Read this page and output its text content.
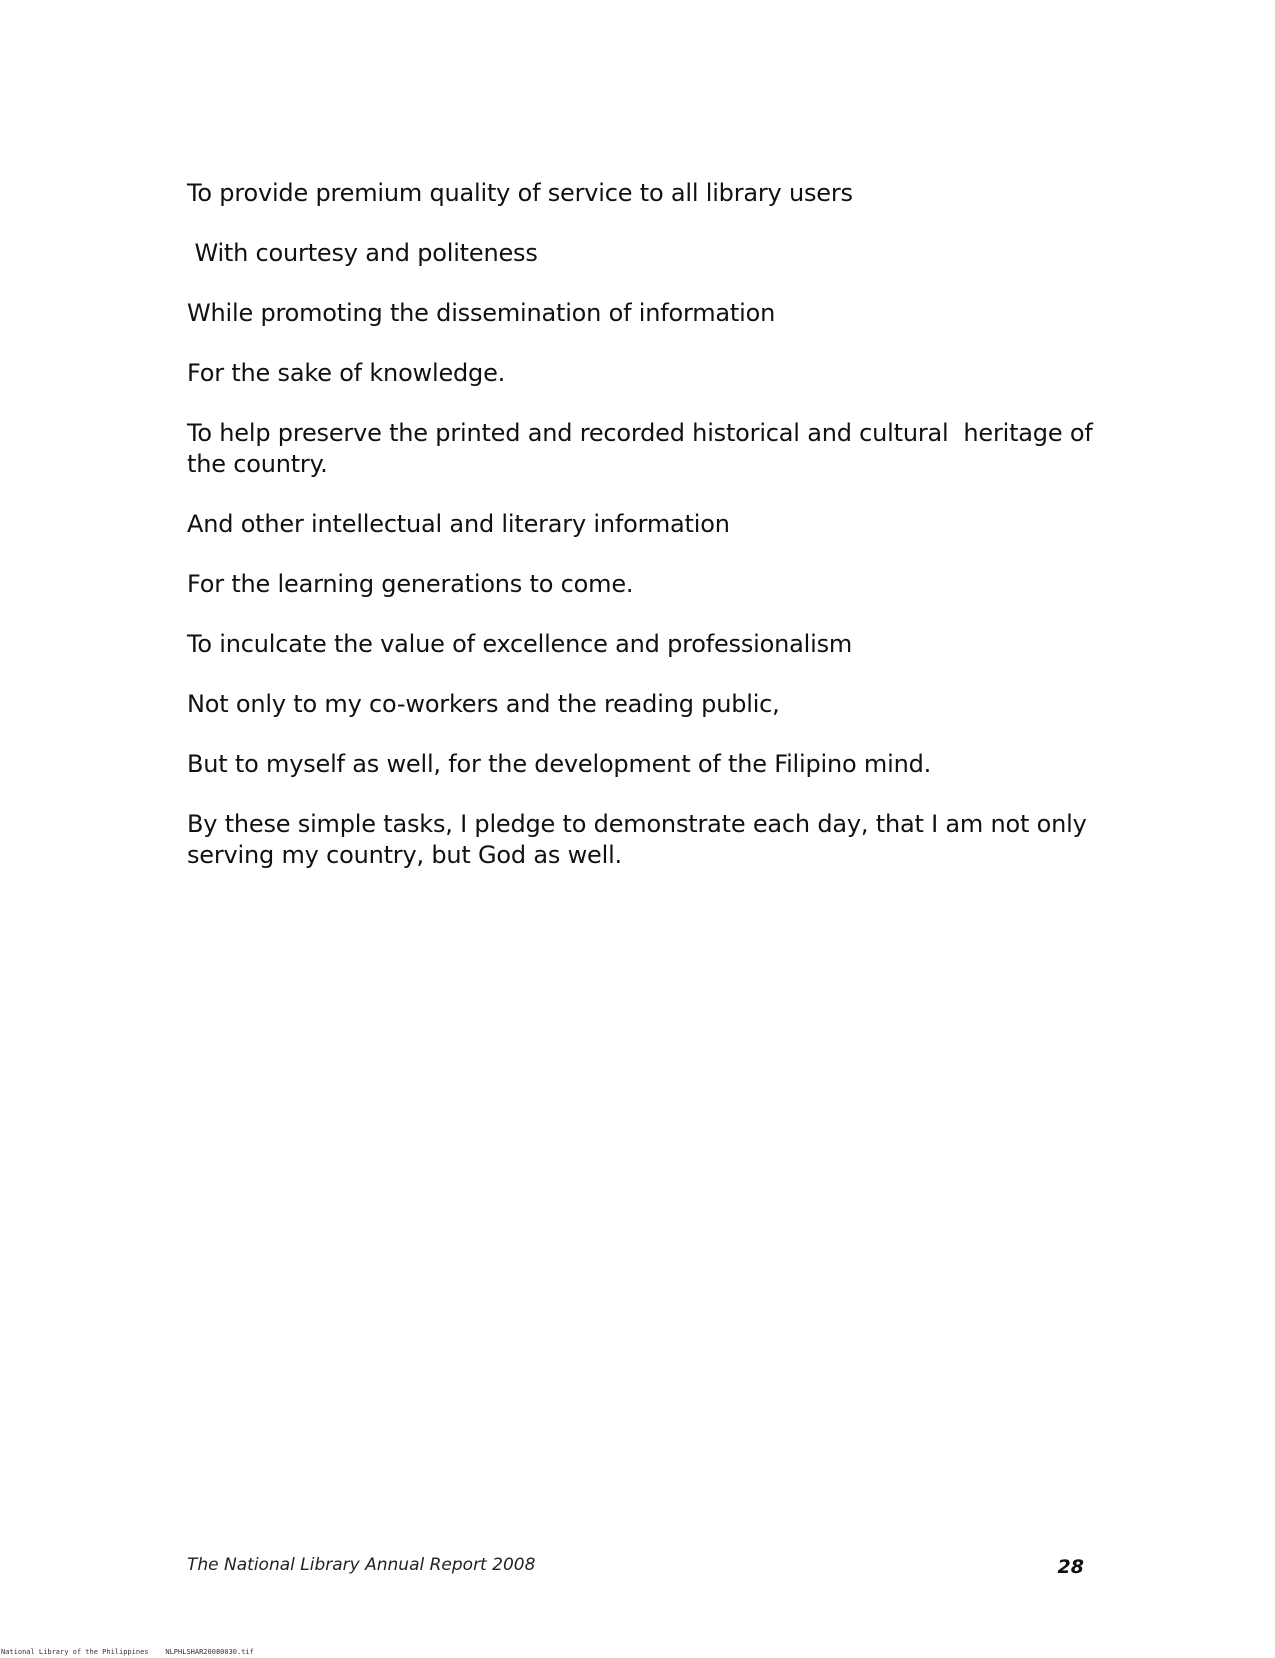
To provide premium quality of service to all library users

With courtesy and politeness

While promoting the dissemination of information

For the sake of knowledge.

To help preserve the printed and recorded historical and cultural  heritage of the country.

And other intellectual and literary information

For the learning generations to come.

To inculcate the value of excellence and professionalism

Not only to my co-workers and the reading public,

But to myself as well, for the development of the Filipino mind.

By these simple tasks, I pledge to demonstrate each day, that I am not only serving my country, but God as well.

The National Library Annual Report 2008	28
National Library of the Philippines NLPHLSHAR20080030.tif
